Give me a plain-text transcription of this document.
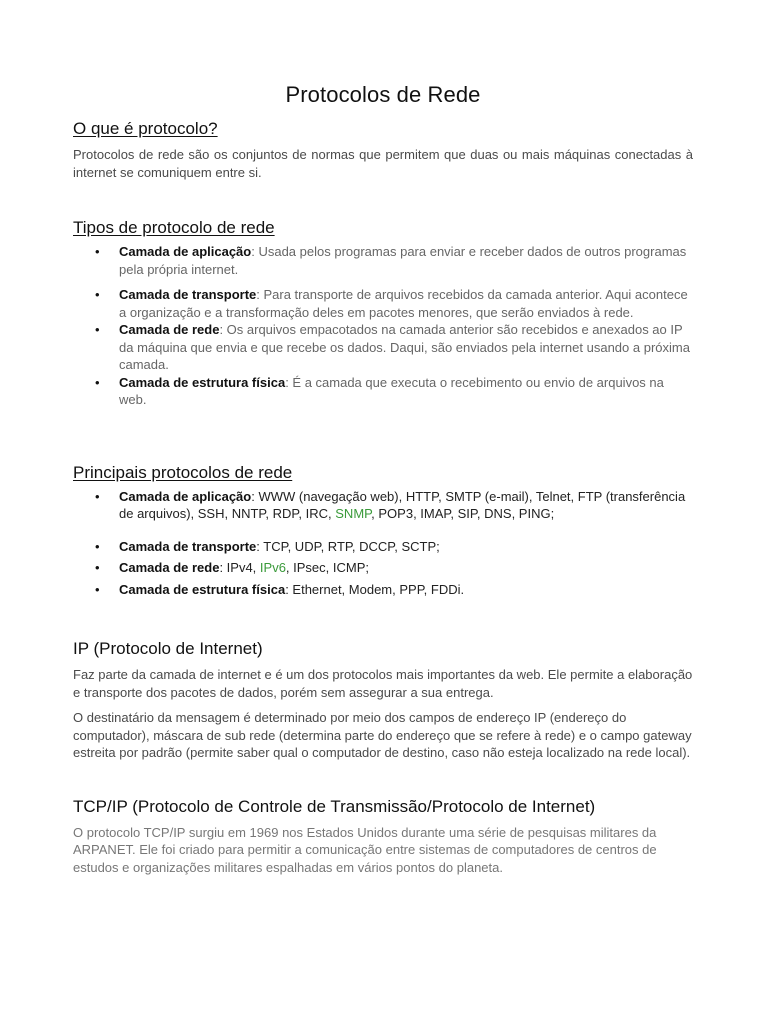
Protocolos de Rede
O que é protocolo?

Protocolos de rede são os conjuntos de normas que permitem que duas ou mais máquinas conectadas à internet se comuniquem entre si.

Tipos de protocolo de rede
• Camada de aplicação: Usada pelos programas para enviar e receber dados de outros programas pela própria internet.
• Camada de transporte: Para transporte de arquivos recebidos da camada anterior. Aqui acontece a organização e a transformação deles em pacotes menores, que serão enviados à rede.
• Camada de rede: Os arquivos empacotados na camada anterior são recebidos e anexados ao IP da máquina que envia e que recebe os dados. Daqui, são enviados pela internet usando a próxima camada.
• Camada de estrutura física: É a camada que executa o recebimento ou envio de arquivos na web.
Principais protocolos de rede
• Camada de aplicação: WWW (navegação web), HTTP, SMTP (e-mail), Telnet, FTP (transferência de arquivos), SSH, NNTP, RDP, IRC, SNMP, POP3, IMAP, SIP, DNS, PING;
• Camada de transporte: TCP, UDP, RTP, DCCP, SCTP;
• Camada de rede: IPv4, IPv6, IPsec, ICMP;
• Camada de estrutura física: Ethernet, Modem, PPP, FDDi.
IP (Protocolo de Internet)

Faz parte da camada de internet e é um dos protocolos mais importantes da web. Ele permite a elaboração e transporte dos pacotes de dados, porém sem assegurar a sua entrega.

O destinatário da mensagem é determinado por meio dos campos de endereço IP (endereço do computador), máscara de sub rede (determina parte do endereço que se refere à rede) e o campo gateway estreita por padrão (permite saber qual o computador de destino, caso não esteja localizado na rede local).

TCP/IP (Protocolo de Controle de Transmissão/Protocolo de Internet)

O protocolo TCP/IP surgiu em 1969 nos Estados Unidos durante uma série de pesquisas militares da ARPANET. Ele foi criado para permitir a comunicação entre sistemas de computadores de centros de estudos e organizações militares espalhadas em vários pontos do planeta.
